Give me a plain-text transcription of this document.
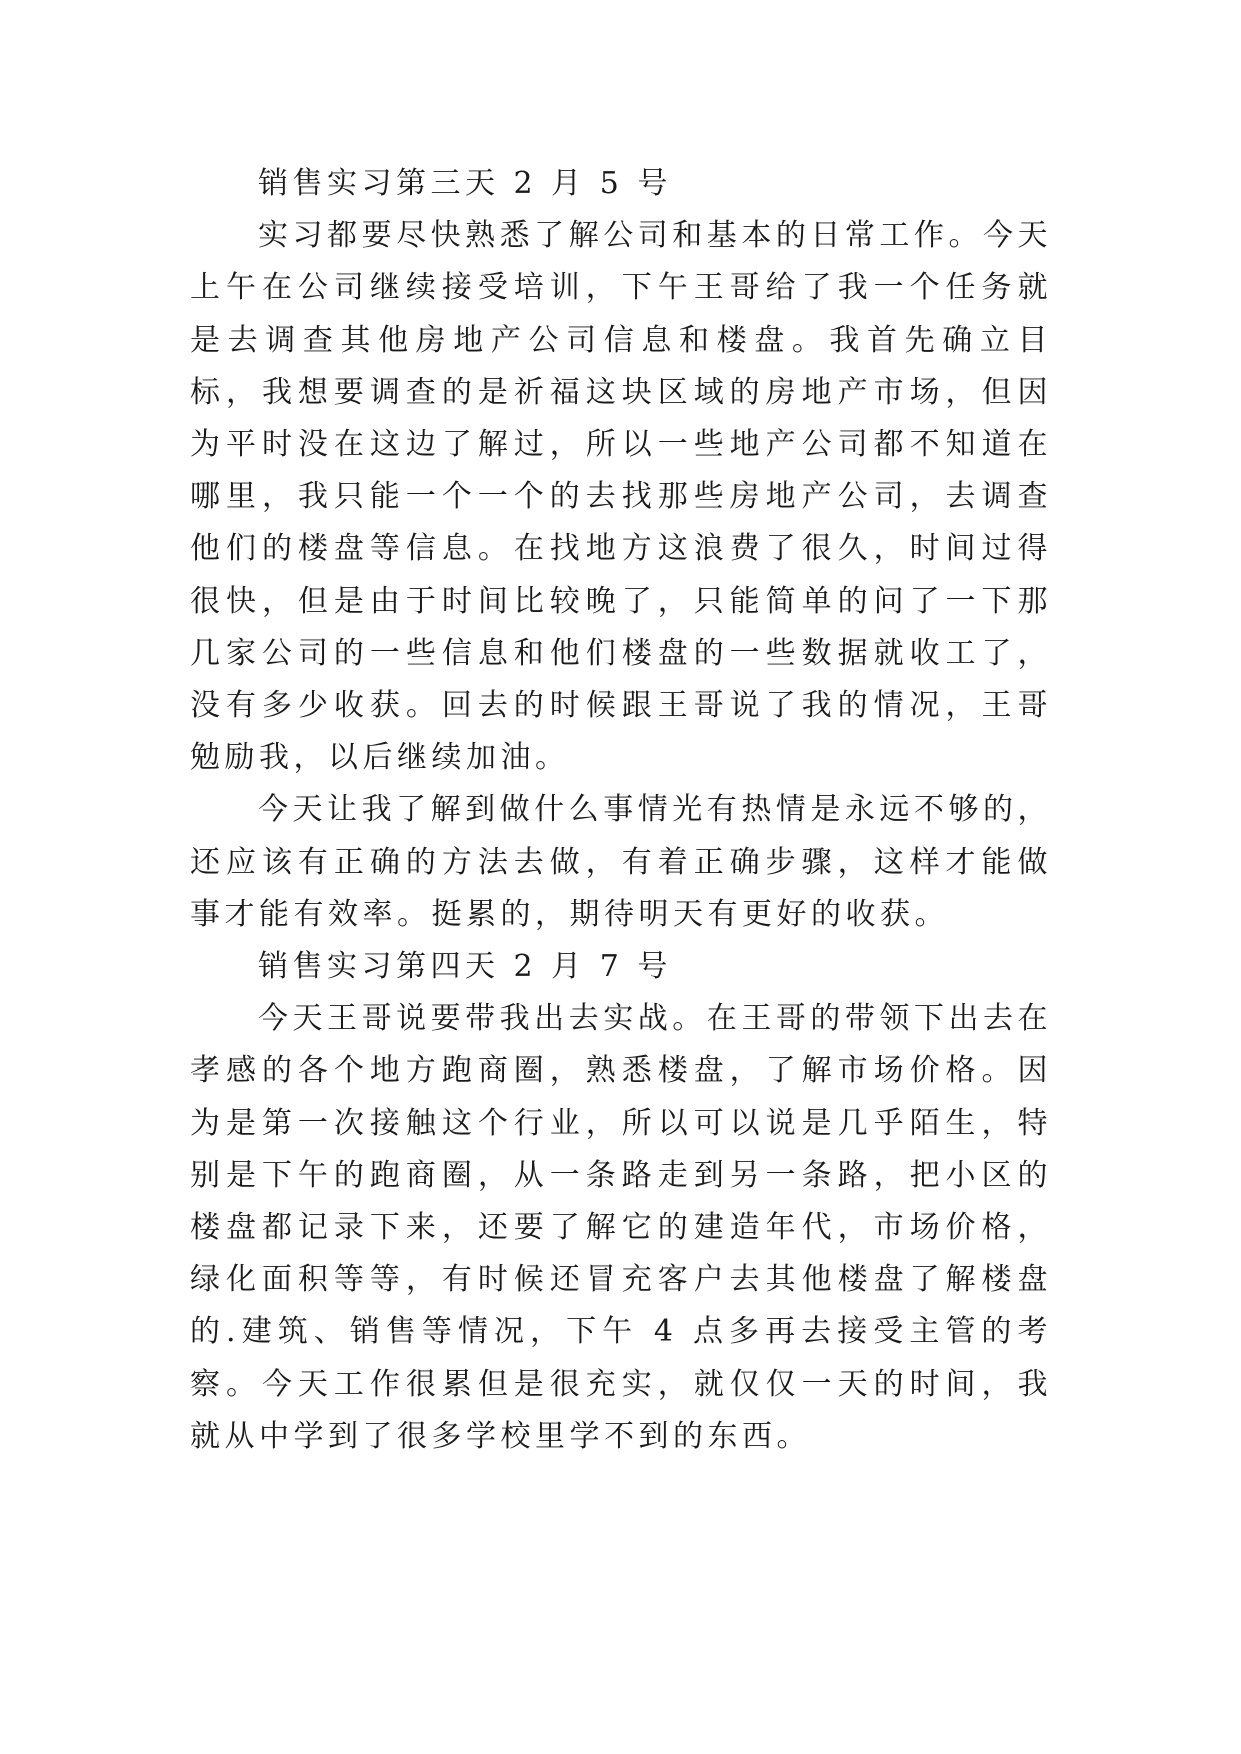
销售实习第三天 2 月 5 号

实习都要尽快熟悉了解公司和基本的日常工作。今天上午在公司继续接受培训，下午王哥给了我一个任务就是去调查其他房地产公司信息和楼盘。我首先确立目标，我想要调查的是祈福这块区域的房地产市场，但因为平时没在这边了解过，所以一些地产公司都不知道在哪里，我只能一个一个的去找那些房地产公司，去调查他们的楼盘等信息。在找地方这浪费了很久，时间过得很快，但是由于时间比较晚了，只能简单的问了一下那几家公司的一些信息和他们楼盘的一些数据就收工了，没有多少收获。回去的时候跟王哥说了我的情况，王哥勉励我，以后继续加油。

今天让我了解到做什么事情光有热情是永远不够的，还应该有正确的方法去做，有着正确步骤，这样才能做事才能有效率。挺累的，期待明天有更好的收获。

销售实习第四天 2 月 7 号

今天王哥说要带我出去实战。在王哥的带领下出去在孝感的各个地方跑商圈，熟悉楼盘，了解市场价格。因为是第一次接触这个行业，所以可以说是几乎陌生，特别是下午的跑商圈，从一条路走到另一条路，把小区的楼盘都记录下来，还要了解它的建造年代，市场价格，绿化面积等等，有时候还冒充客户去其他楼盘了解楼盘的.建筑、销售等情况，下午 4 点多再去接受主管的考察。今天工作很累但是很充实，就仅仅一天的时间，我就从中学到了很多学校里学不到的东西。
